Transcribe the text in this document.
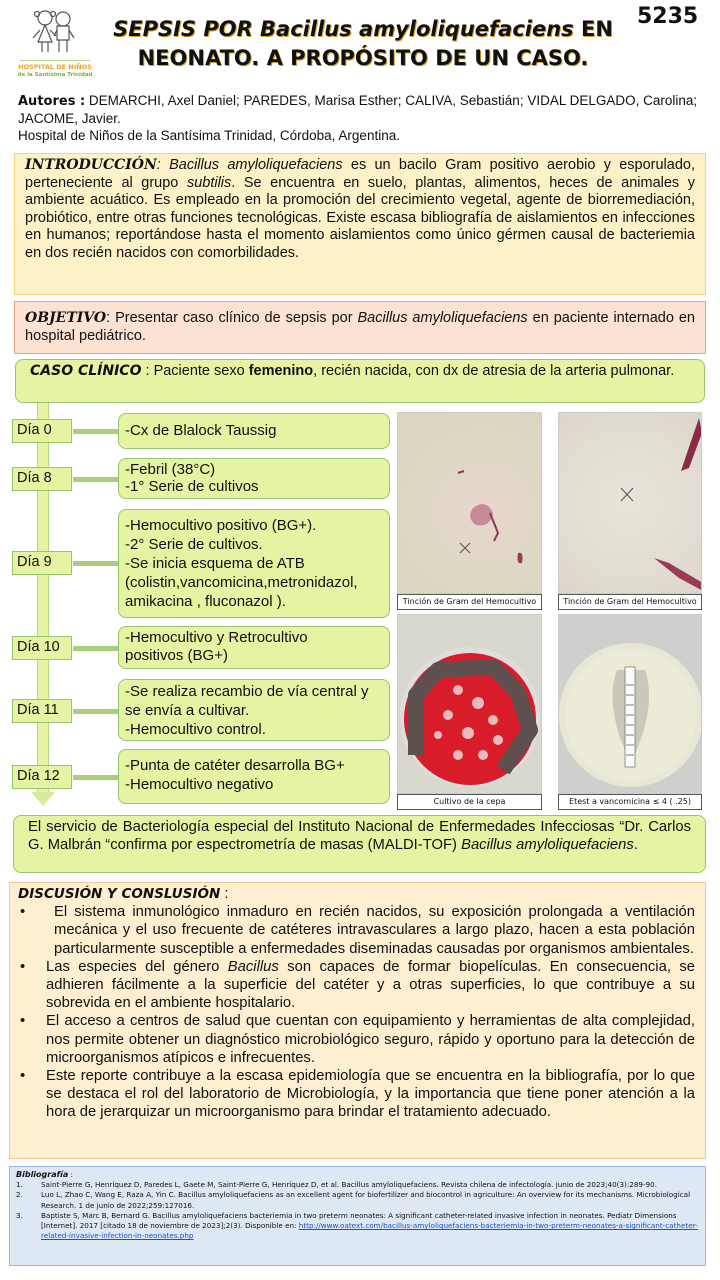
HOSPITAL DE NIÑOS
de la Santísima Trinidad
SEPSIS POR Bacillus amyloliquefaciens EN
NEONATO. A PROPÓSITO DE UN CASO.
5235
Autores : DEMARCHI, Axel Daniel; PAREDES, Marisa Esther; CALIVA, Sebastián; VIDAL DELGADO, Carolina; JACOME, Javier.
Hospital de Niños de la Santísima Trinidad, Córdoba, Argentina.
INTRODUCCIÓN: Bacillus amyloliquefaciens es un bacilo Gram positivo aerobio y esporulado, perteneciente al grupo subtilis. Se encuentra en suelo, plantas, alimentos, heces de animales y ambiente acuático. Es empleado en la promoción del crecimiento vegetal, agente de biorremediación, probiótico, entre otras funciones tecnológicas. Existe escasa bibliografía de aislamientos en infecciones en humanos; reportándose hasta el momento aislamientos como único gérmen causal de bacteriemia en dos recién nacidos con comorbilidades.
OBJETIVO: Presentar caso clínico de sepsis por Bacillus amyloliquefaciens en paciente internado en hospital pediátrico.
CASO CLÍNICO : Paciente sexo femenino, recién nacida, con dx de atresia de la arteria pulmonar.
Día 0	-Cx de Blalock Taussig
Día 8	-Febril (38°C)
-1° Serie de cultivos
Día 9
-Hemocultivo positivo (BG+).
-2° Serie de cultivos.
-Se inicia esquema de ATB
(colistin,vancomicina,metronidazol,
amikacina , fluconazol ).
Día 10
-Hemocultivo y Retrocultivo
positivos (BG+)
Día 11
-Se realiza recambio de vía central y
se envía a cultivar.
-Hemocultivo control.
Día 12
-Punta de catéter desarrolla BG+
-Hemocultivo negativo
Tinción de Gram del Hemocultivo	Tinción de Gram del Hemocultivo
Cultivo de la cepa	Etest a vancomicina ≤ 4 ( .25)
El servicio de Bacteriología especial del Instituto Nacional de Enfermedades Infecciosas “Dr. Carlos G. Malbrán “confirma por espectrometría de masas (MALDI-TOF) Bacillus amyloliquefaciens.
DISCUSIÓN Y CONSLUSIÓN :
• El sistema inmunológico inmaduro en recién nacidos, su exposición prolongada a ventilación mecánica y el uso frecuente de catéteres intravasculares a largo plazo, hacen a esta población particularmente susceptible a enfermedades diseminadas causadas por organismos ambientales.
• Las especies del género Bacillus son capaces de formar biopelículas. En consecuencia, se adhieren fácilmente a la superficie del catéter y a otras superficies, lo que contribuye a su sobrevida en el ambiente hospitalario.
• El acceso a centros de salud que cuentan con equipamiento y herramientas de alta complejidad, nos permite obtener un diagnóstico microbiológico seguro, rápido y oportuno para la detección de microorganismos atípicos e infrecuentes.
• Este reporte contribuye a la escasa epidemiología que se encuentra en la bibliografía, por lo que se destaca el rol del laboratorio de Microbiología, y la importancia que tiene poner atención a la hora de jerarquizar un microorganismo para brindar el tratamiento adecuado.
Bibliografía :
1.	Saint-Pierre G, Henríquez D, Paredes L, Gaete M, Saint-Pierre G, Henríquez D, et al. Bacillus amyloliquefaciens. Revista chilena de infectología. junio de 2023;40(3):289-90.
2.	Luo L, Zhao C, Wang E, Raza A, Yin C. Bacillus amyloliquefaciens as an excellent agent for biofertilizer and biocontrol in agriculture: An overview for its mechanisms. Microbiological Research. 1 de junio de 2022;259:127016.
3.	Baptiste S, Marc B, Bernard G. Bacillus amyloliquefaciens bacteriemia in two preterm neonates: A significant catheter-related invasive infection in neonates. Pediatr Dimensions [Internet]. 2017 [citado 18 de noviembre de 2023];2(3). Disponible en: http://www.oatext.com/bacillus-amyloliquefaciens-bacteriemia-in-two-preterm-neonates-a-significant-catheter-related-invasive-infection-in-neonates.php
